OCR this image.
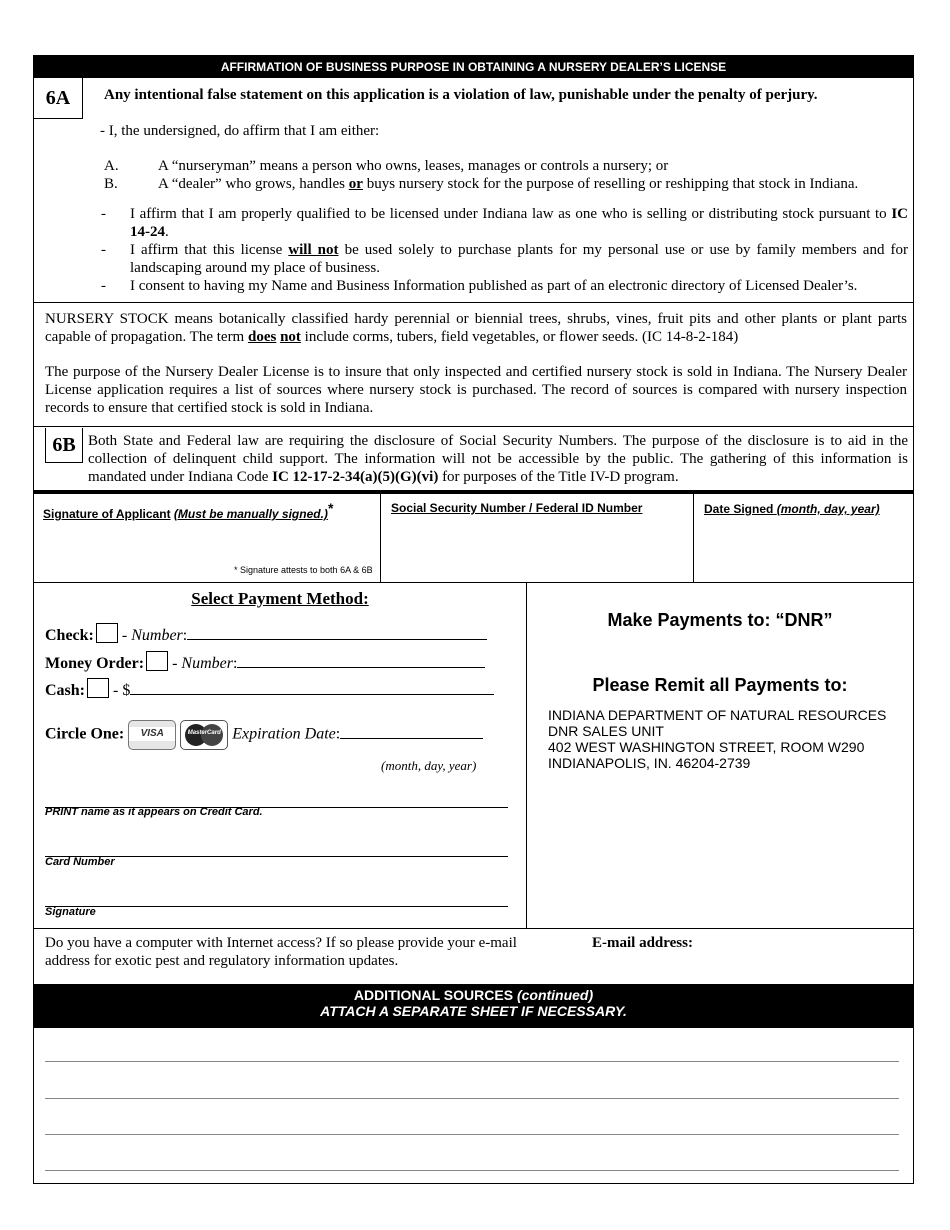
AFFIRMATION OF BUSINESS PURPOSE IN OBTAINING A NURSERY DEALER’S LICENSE
6A	Any intentional false statement on this application is a violation of law, punishable under the penalty of perjury.
- I, the undersigned, do affirm that I am either:
A.	A “nurseryman” means a person who owns, leases, manages or controls a nursery; or
B.	A “dealer” who grows, handles or buys nursery stock for the purpose of reselling or reshipping that stock in Indiana.
- I affirm that I am properly qualified to be licensed under Indiana law as one who is selling or distributing stock pursuant to IC 14-24.
- I affirm that this license will not be used solely to purchase plants for my personal use or use by family members and for landscaping around my place of business.
- I consent to having my Name and Business Information published as part of an electronic directory of Licensed Dealer’s.
NURSERY STOCK means botanically classified hardy perennial or biennial trees, shrubs, vines, fruit pits and other plants or plant parts capable of propagation. The term does not include corms, tubers, field vegetables, or flower seeds. (IC 14-8-2-184)
The purpose of the Nursery Dealer License is to insure that only inspected and certified nursery stock is sold in Indiana. The Nursery Dealer License application requires a list of sources where nursery stock is purchased. The record of sources is compared with nursery inspection records to ensure that certified stock is sold in Indiana.
6B Both State and Federal law are requiring the disclosure of Social Security Numbers. The purpose of the disclosure is to aid in the collection of delinquent child support. The information will not be accessible by the public. The gathering of this information is mandated under Indiana Code IC 12-17-2-34(a)(5)(G)(vi) for purposes of the Title IV-D program.
Signature of Applicant (Must be manually signed.)*
* Signature attests to both 6A & 6B
Social Security Number / Federal ID Number	Date Signed (month, day, year)
Select Payment Method:
Check: - Number:
Money Order: - Number:
Cash: - $
Circle One:	VISA
	MasterCard Expiration Date:
(month, day, year)
PRINT name as it appears on Credit Card.
Card Number
Signature
Make Payments to: “DNR”
Please Remit all Payments to:
INDIANA DEPARTMENT OF NATURAL RESOURCES
DNR SALES UNIT
402 WEST WASHINGTON STREET, ROOM W290
INDIANAPOLIS, IN. 46204-2739
Do you have a computer with Internet access? If so please provide your e-mail address for exotic pest and regulatory information updates.
E-mail address:
ADDITIONAL SOURCES (continued)
ATTACH A SEPARATE SHEET IF NECESSARY.
